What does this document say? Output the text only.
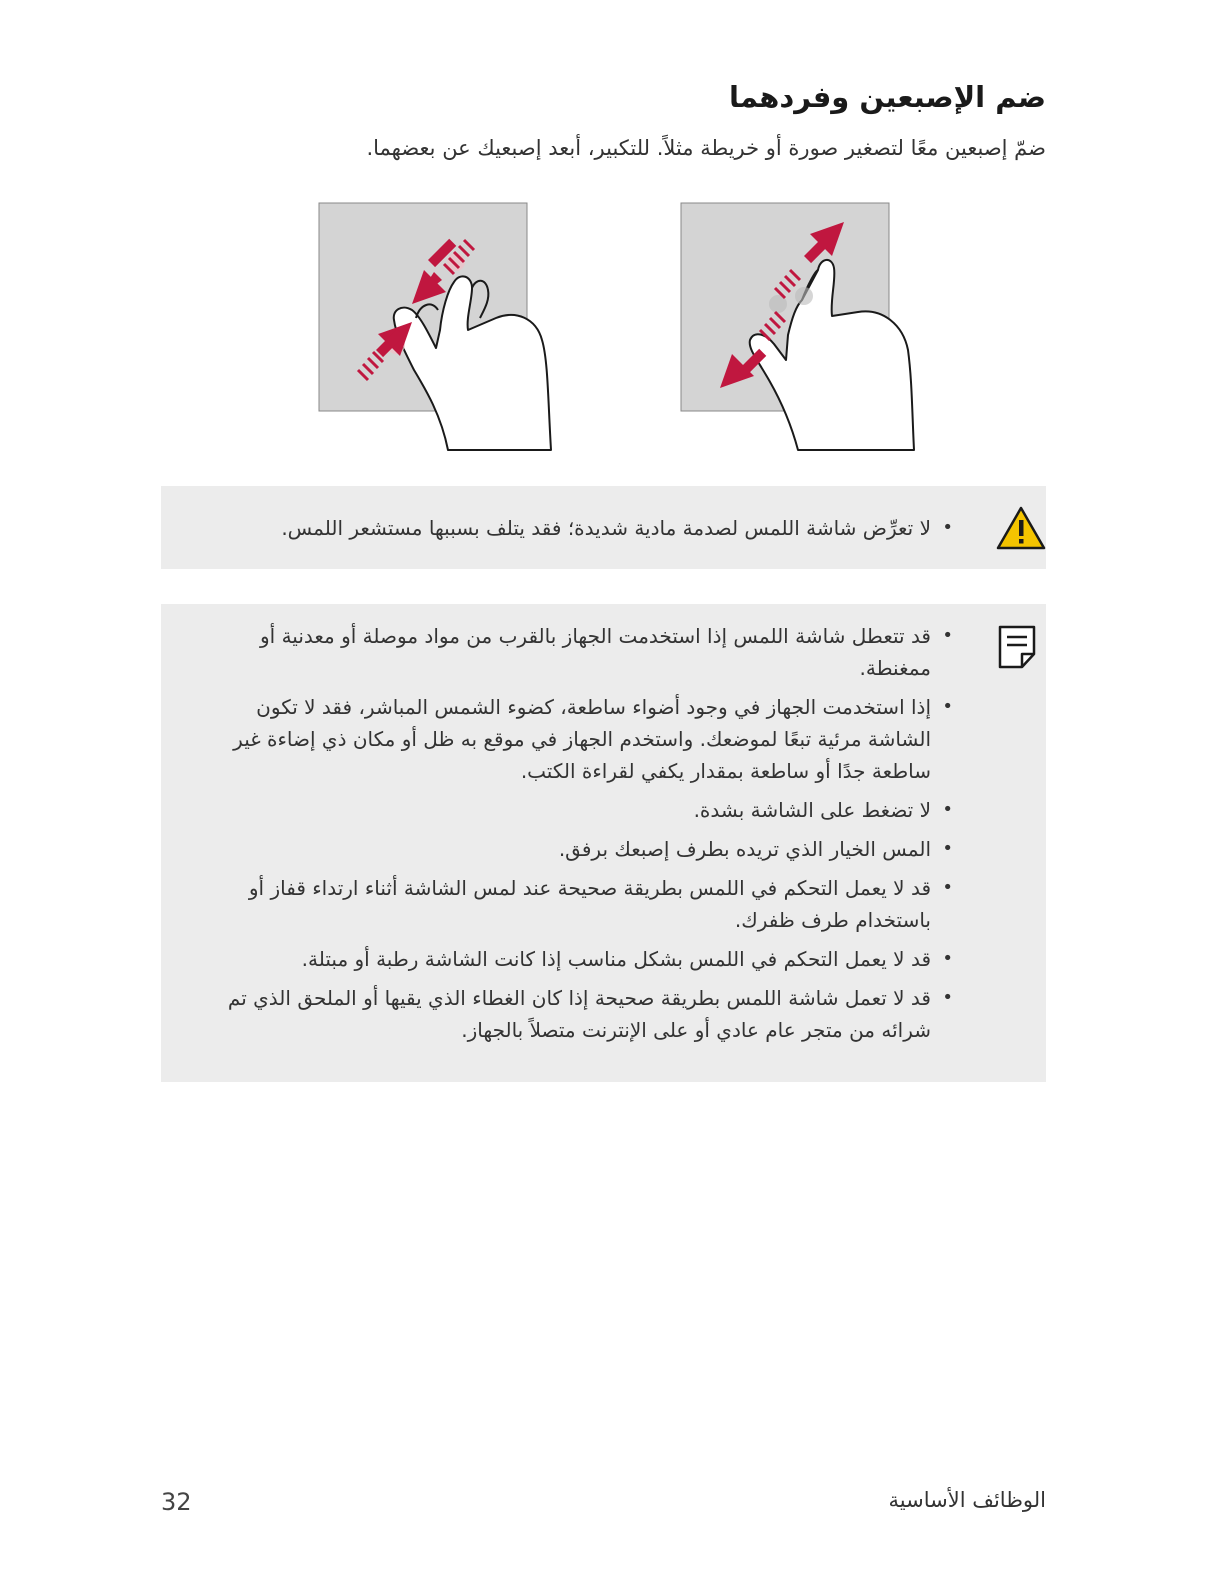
ضم الإصبعين وفردهما
ضمّ إصبعين معًا لتصغير صورة أو خريطة مثلاً. للتكبير، أبعد إصبعيك عن بعضهما.
• لا تعرِّض شاشة اللمس لصدمة مادية شديدة؛ فقد يتلف بسببها مستشعر اللمس.
• قد تتعطل شاشة اللمس إذا استخدمت الجهاز بالقرب من مواد موصلة أو معدنية أو ممغنطة.
• إذا استخدمت الجهاز في وجود أضواء ساطعة، كضوء الشمس المباشر، فقد لا تكون الشاشة مرئية تبعًا لموضعك. واستخدم الجهاز في موقع به ظل أو مكان ذي إضاءة غير ساطعة جدًا أو ساطعة بمقدار يكفي لقراءة الكتب.
• لا تضغط على الشاشة بشدة.
• المس الخيار الذي تريده بطرف إصبعك برفق.
• قد لا يعمل التحكم في اللمس بطريقة صحيحة عند لمس الشاشة أثناء ارتداء قفاز أو باستخدام طرف ظفرك.
• قد لا يعمل التحكم في اللمس بشكل مناسب إذا كانت الشاشة رطبة أو مبتلة.
• قد لا تعمل شاشة اللمس بطريقة صحيحة إذا كان الغطاء الذي يقيها أو الملحق الذي تم شرائه من متجر عام عادي أو على الإنترنت متصلاً بالجهاز.
الوظائف الأساسية
32
